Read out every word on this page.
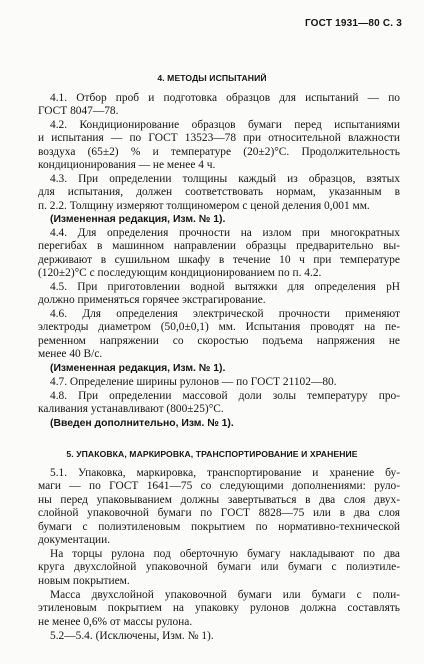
ГОСТ 1931—80 С. 3
4. МЕТОДЫ ИСПЫТАНИЙ
4.1. Отбор проб и подготовка образцов для испытаний — по
ГОСТ 8047—78.
4.2. Кондиционирование образцов бумаги перед испытаниями
и испытания — по ГОСТ 13523—78 при относительной влажности
воздуха (65±2) % и температуре (20±2)°С. Продолжительность
кондиционирования — не менее 4 ч.
4.3. При определении толщины каждый из образцов, взятых
для испытания, должен соответствовать нормам, указанным в
п. 2.2. Толщину измеряют толщиномером с ценой деления 0,001 мм.
(Измененная редакция, Изм. № 1).
4.4. Для определения прочности на излом при многократных
перегибах в машинном направлении образцы предварительно вы-
держивают в сушильном шкафу в течение 10 ч при температуре
(120±2)°С с последующим кондиционированием по п. 4.2.
4.5. При приготовлении водной вытяжки для определения pH
должно применяться горячее экстрагирование.
4.6. Для определения электрической прочности применяют
электроды диаметром (50,0±0,1) мм. Испытания проводят на пе-
ременном напряжении со скоростью подъема напряжения не
менее 40 В/с.
(Измененная редакция, Изм. № 1).
4.7. Определение ширины рулонов — по ГОСТ 21102—80.
4.8. При определении массовой доли золы температуру про-
каливания устанавливают (800±25)°С.
(Введен дополнительно, Изм. № 1).
5. УПАКОВКА, МАРКИРОВКА, ТРАНСПОРТИРОВАНИЕ И ХРАНЕНИЕ
5.1. Упаковка, маркировка, транспортирование и хранение бу-
маги — по ГОСТ 1641—75 со следующими дополнениями: руло-
ны перед упаковыванием должны завертываться в два слоя двух-
слойной упаковочной бумаги по ГОСТ 8828—75 или в два слоя
бумаги с полиэтиленовым покрытием по нормативно-технической
документации.
На торцы рулона под оберточную бумагу накладывают по два
круга двухслойной упаковочной бумаги или бумаги с полиэтиле-
новым покрытием.
Масса двухслойной упаковочной бумаги или бумаги с поли-
этиленовым покрытием на упаковку рулонов должна составлять
не менее 0,6% от массы рулона.
5.2—5.4. (Исключены, Изм. № 1).
